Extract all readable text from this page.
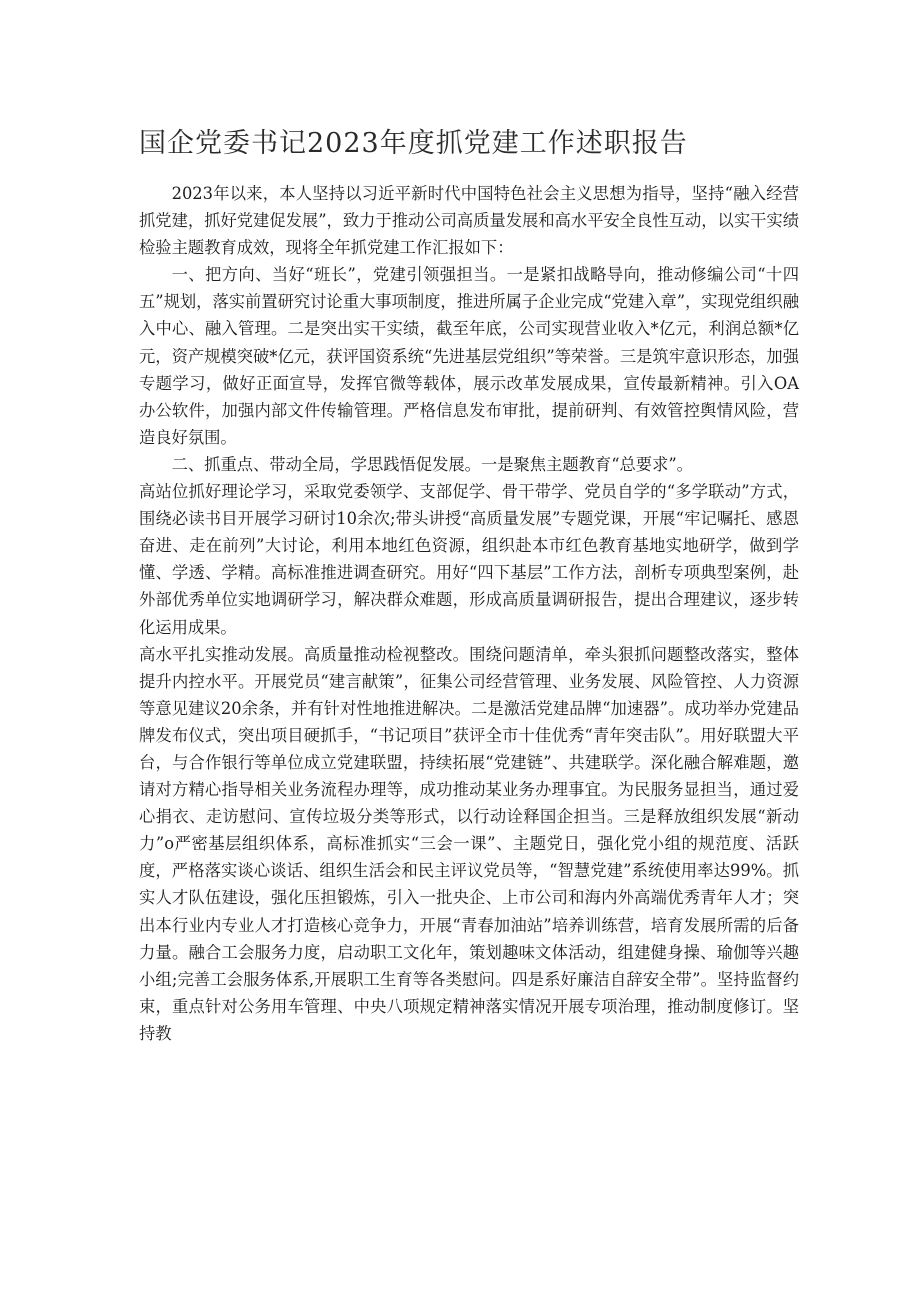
国企党委书记2023年度抓党建工作述职报告

2023年以来，本人坚持以习近平新时代中国特色社会主义思想为指导，坚持“融入经营抓党建，抓好党建促发展”，致力于推动公司高质量发展和高水平安全良性互动，以实干实绩检验主题教育成效，现将全年抓党建工作汇报如下：

一、把方向、当好“班长”，党建引领强担当。一是紧扣战略导向，推动修编公司“十四五”规划，落实前置研究讨论重大事项制度，推进所属子企业完成“党建入章”，实现党组织融入中心、融入管理。二是突出实干实绩，截至年底，公司实现营业收入*亿元，利润总额*亿元，资产规模突破*亿元，获评国资系统“先进基层党组织”等荣誉。三是筑牢意识形态，加强专题学习，做好正面宣导，发挥官微等载体，展示改革发展成果，宣传最新精神。引入OA办公软件，加强内部文件传输管理。严格信息发布审批，提前研判、有效管控舆情风险，营造良好氛围。

二、抓重点、带动全局，学思践悟促发展。一是聚焦主题教育“总要求”。

高站位抓好理论学习，采取党委领学、支部促学、骨干带学、党员自学的“多学联动”方式，围绕必读书目开展学习研讨10余次;带头讲授“高质量发展”专题党课，开展“牢记嘱托、感恩奋进、走在前列”大讨论，利用本地红色资源，组织赴本市红色教育基地实地研学，做到学懂、学透、学精。高标准推进调查研究。用好“四下基层”工作方法，剖析专项典型案例，赴外部优秀单位实地调研学习，解决群众难题，形成高质量调研报告，提出合理建议，逐步转化运用成果。

高水平扎实推动发展。高质量推动检视整改。围绕问题清单，牵头狠抓问题整改落实，整体提升内控水平。开展党员“建言献策”，征集公司经营管理、业务发展、风险管控、人力资源等意见建议20余条，并有针对性地推进解决。二是激活党建品牌“加速器”。成功举办党建品牌发布仪式，突出项目硬抓手，“书记项目”获评全市十佳优秀“青年突击队”。用好联盟大平台，与合作银行等单位成立党建联盟，持续拓展“党建链”、共建联学。深化融合解难题，邀请对方精心指导相关业务流程办理等，成功推动某业务办理事宜。为民服务显担当，通过爱心捐衣、走访慰问、宣传垃圾分类等形式，以行动诠释国企担当。三是释放组织发展“新动力”o严密基层组织体系，高标准抓实“三会一课”、主题党日，强化党小组的规范度、活跃度，严格落实谈心谈话、组织生活会和民主评议党员等，“智慧党建”系统使用率达99%。抓实人才队伍建设，强化压担锻炼，引入一批央企、上市公司和海内外高端优秀青年人才；突出本行业内专业人才打造核心竞争力，开展“青春加油站”培养训练营，培育发展所需的后备力量。融合工会服务力度，启动职工文化年，策划趣味文体活动，组建健身操、瑜伽等兴趣小组;完善工会服务体系,开展职工生育等各类慰问。四是系好廉洁自辞安全带”。坚持监督约束，重点针对公务用车管理、中央八项规定精神落实情况开展专项治理，推动制度修订。坚持教
